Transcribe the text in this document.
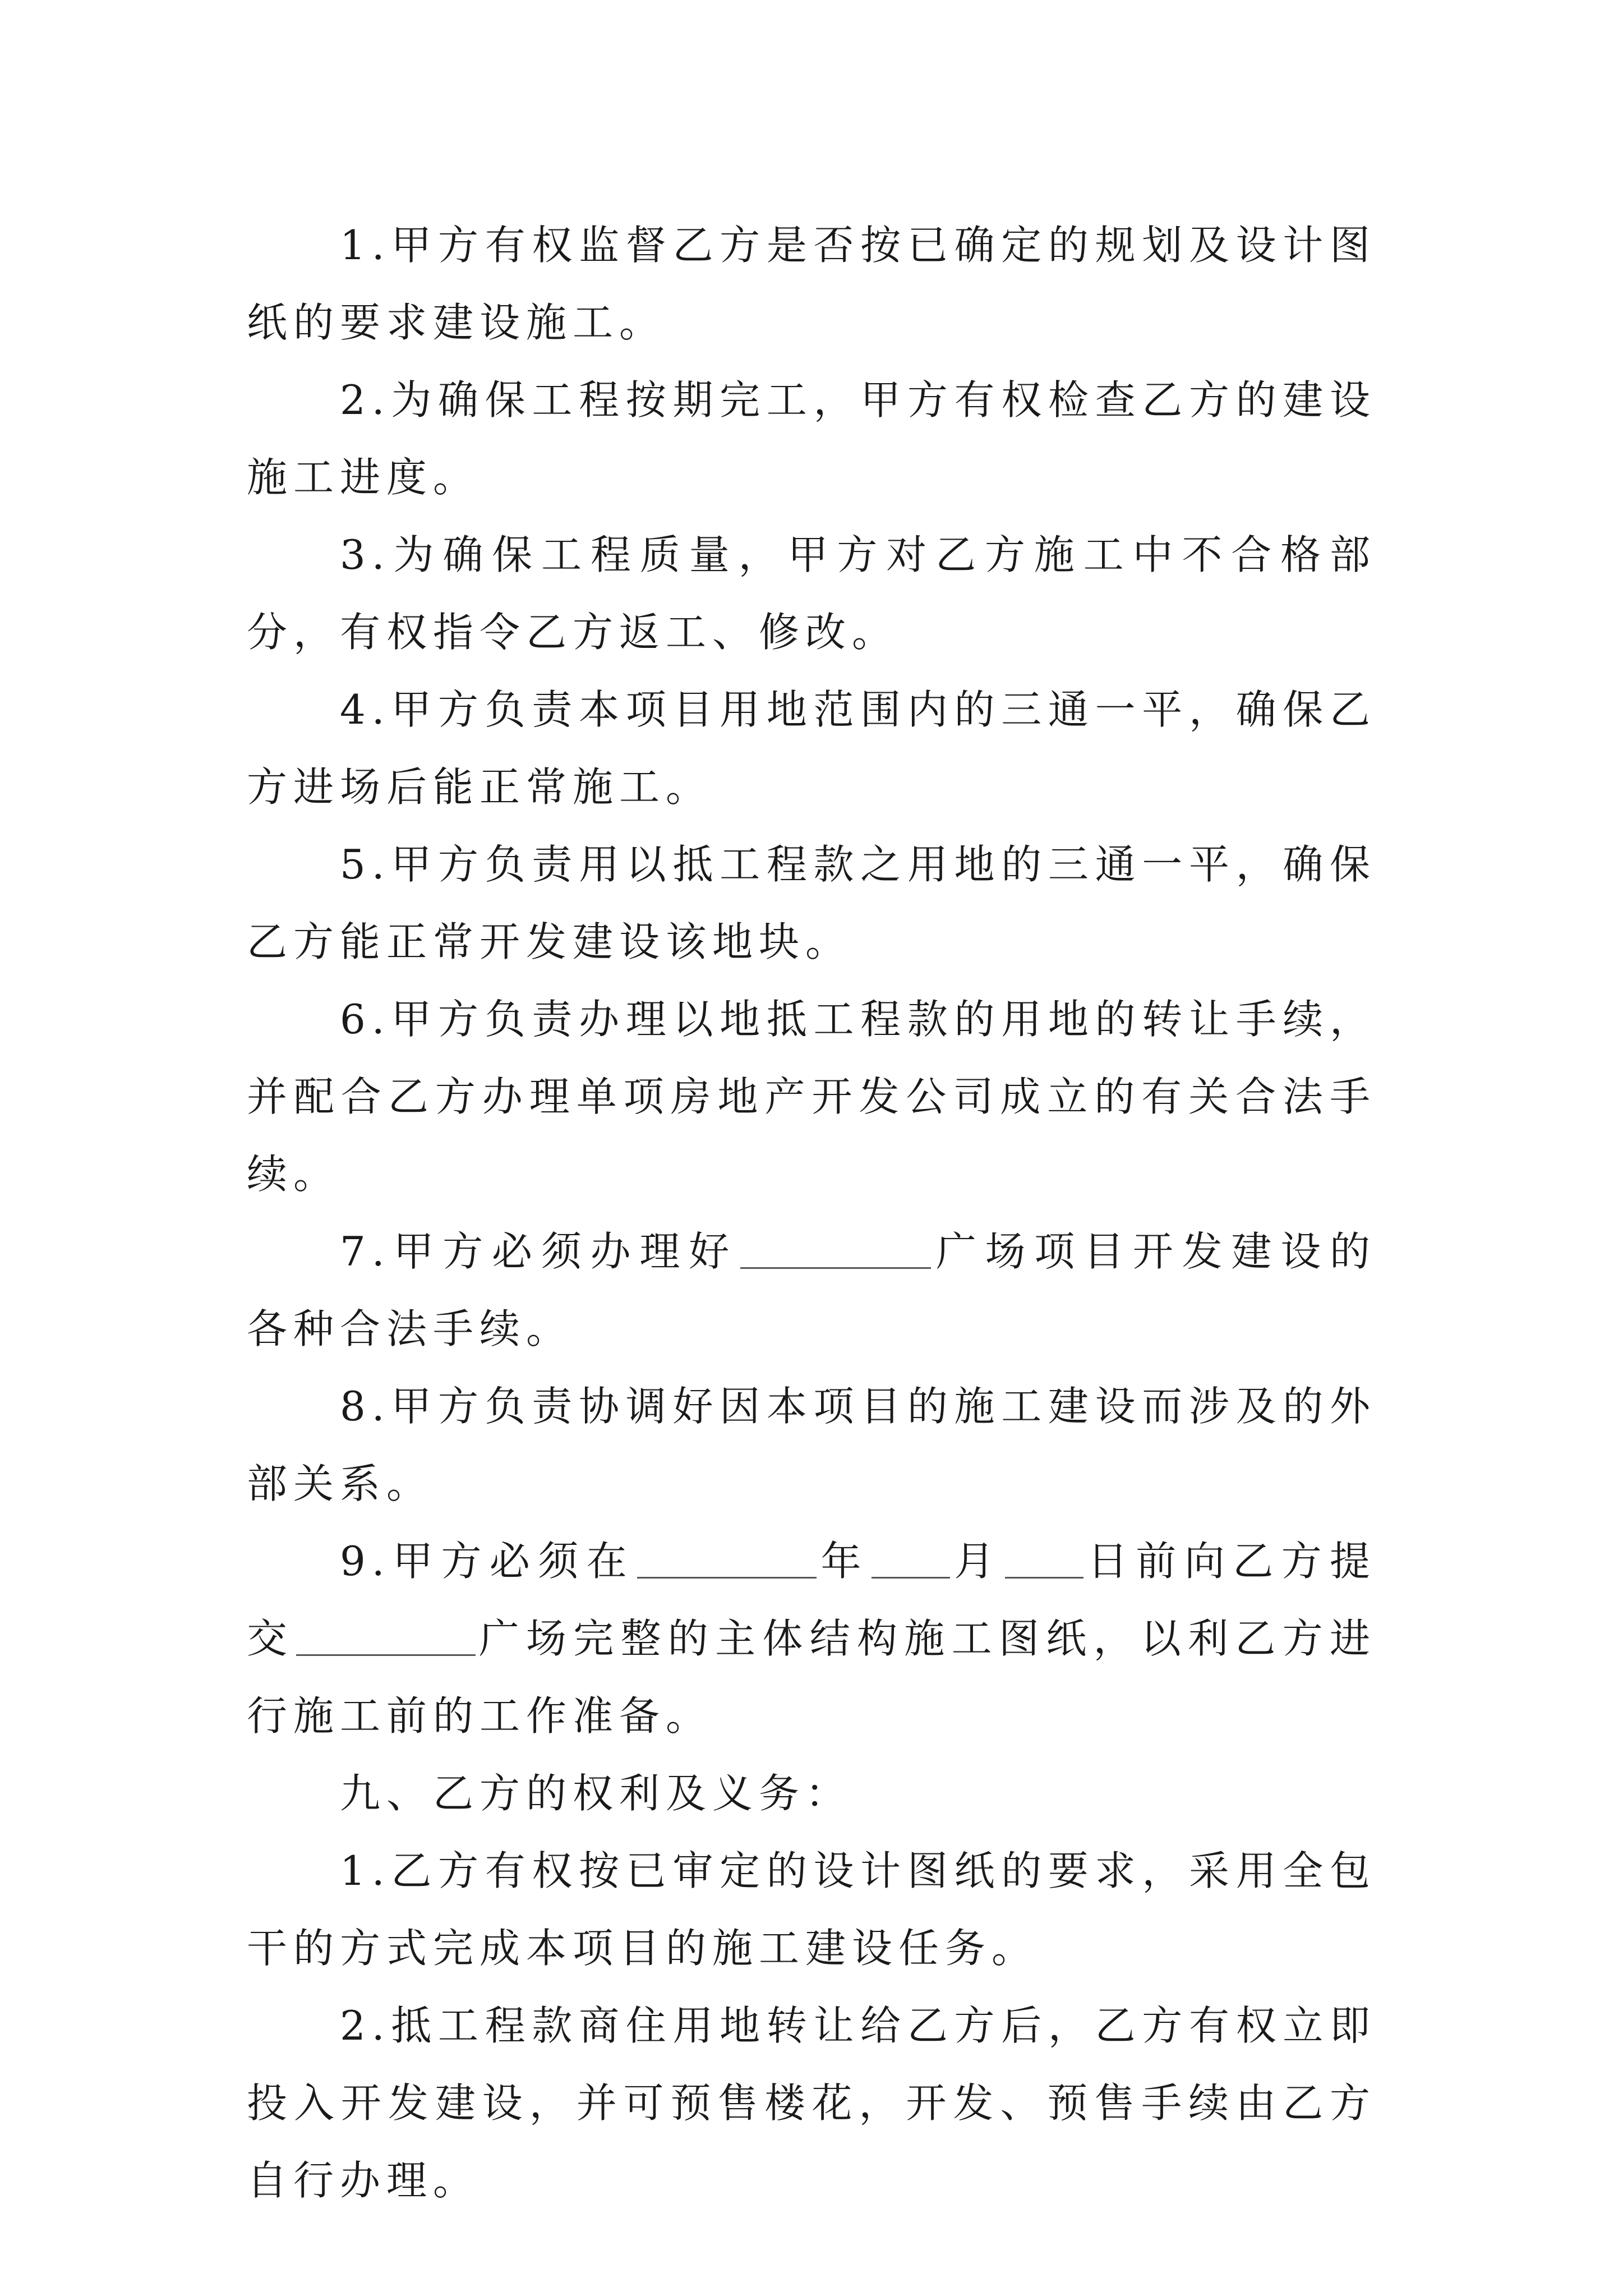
1.甲方有权监督乙方是否按已确定的规划及设计图纸的要求建设施工。

2.为确保工程按期完工，甲方有权检查乙方的建设施工进度。

3.为确保工程质量，甲方对乙方施工中不合格部分，有权指令乙方返工、修改。

4.甲方负责本项目用地范围内的三通一平，确保乙方进场后能正常施工。

5.甲方负责用以抵工程款之用地的三通一平，确保乙方能正常开发建设该地块。

6.甲方负责办理以地抵工程款的用地的转让手续，并配合乙方办理单项房地产开发公司成立的有关合法手续。

7.甲方必须办理好	广场项目开发建设的各种合法手续。

8.甲方负责协调好因本项目的施工建设而涉及的外部关系。

9.甲方必须在	年 月 日前向乙方提交	广场完整的主体结构施工图纸，以利乙方进行施工前的工作准备。

九、乙方的权利及义务：

1.乙方有权按已审定的设计图纸的要求，采用全包干的方式完成本项目的施工建设任务。

2.抵工程款商住用地转让给乙方后，乙方有权立即投入开发建设，并可预售楼花，开发、预售手续由乙方自行办理。
